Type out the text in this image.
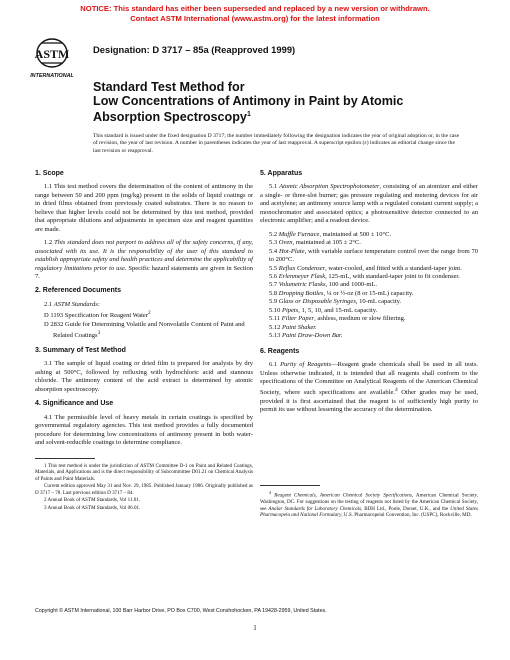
NOTICE: This standard has either been superseded and replaced by a new version or withdrawn.
Contact ASTM International (www.astm.org) for the latest information
ASTM
INTERNATIONAL
Designation: D 3717 – 85a (Reapproved 1999)
Standard Test Method for
Low Concentrations of Antimony in Paint by Atomic
Absorption Spectroscopy$^1$
This standard is issued under the fixed designation D 3717; the number immediately following the designation indicates the year of original adoption or, in the case of revision, the year of last revision. A number in parentheses indicates the year of last reapproval. A superscript epsilon (ε) indicates an editorial change since the last revision or reapproval.
1. Scope

1.1 This test method covers the determination of the content of antimony in the range between 50 and 200 ppm (mg/kg) present in the solids of liquid coatings or in dried films obtained from previously coated substrates. There is no reason to believe that higher levels could not be determined by this test method, provided that appropriate dilutions and adjustments in specimen size and reagent quantities are made.

1.2 This standard does not purport to address all of the safety concerns, if any, associated with its use. It is the responsibility of the user of this standard to establish appropriate safety and health practices and determine the applicability of regulatory limitations prior to use. Specific hazard statements are given in Section 7.

2. Referenced Documents
2.1 ASTM Standards:
D 1193 Specification for Reagent Water$^2$
D 2832 Guide for Determining Volatile and Nonvolatile Content of Paint and Related Coatings$^3$
3. Summary of Test Method

3.1 The sample of liquid coating or dried film is prepared for analysis by dry ashing at 500°C, followed by refluxing with hydrochloric acid and stannous chloride. The antimony content of the acid extract is determined by atomic absorption spectroscopy.

4. Significance and Use

4.1 The permissible level of heavy metals in certain coatings is specified by governmental regulatory agencies. This test method provides a fully documented procedure for determining low concentrations of antimony present in both water- and solvent-reducible coatings to determine compliance.

1 This test method is under the jurisdiction of ASTM Committee D-1 on Paint and Related Coatings, Materials, and Applications and is the direct responsibility of Subcommittee D01.21 on Chemical Analysis of Paints and Paint Materials.

Current edition approved May 31 and Nov. 29, 1985. Published January 1986. Originally published as D 3717 – 78. Last previous edition D 3717 – 84.

2 Annual Book of ASTM Standards, Vol 11.01.

3 Annual Book of ASTM Standards, Vol 06.01.

5. Apparatus

5.1 Atomic Absorption Spectrophotometer, consisting of an atomizer and either a single- or three-slot burner; gas pressure regulating and metering devices for air and acetylene; an antimony source lamp with a regulated constant current supply; a monochromator and associated optics; a photosensitive detector connected to an electronic amplifier; and a readout device.

5.2 Muffle Furnace, maintained at 500 ± 10°C.
5.3 Oven, maintained at 105 ± 2°C.
5.4 Hot-Plate, with variable surface temperature control over the range from 70 to 200°C.
5.5 Reflux Condenser, water-cooled, and fitted with a standard-taper joint.
5.6 Erlenmeyer Flask, 125-mL, with standard-taper joint to fit condenser.
5.7 Volumetric Flasks, 100 and 1000-mL.
5.8 Dropping Bottles, ¼ or ½-oz (8 or 15-mL) capacity.
5.9 Glass or Disposable Syringes, 10-mL capacity.
5.10 Pipets, 1, 5, 10, and 15-mL capacity.
5.11 Filter Paper, ashless, medium or slow filtering.
5.12 Paint Shaker.
5.13 Paint Draw-Down Bar.
6. Reagents

6.1 Purity of Reagents—Reagent grade chemicals shall be used in all tests. Unless otherwise indicated, it is intended that all reagents shall conform to the specifications of the Committee on Analytical Reagents of the American Chemical Society, where such specifications are available.$^4$ Other grades may be used, provided it is first ascertained that the reagent is of sufficiently high purity to permit its use without lessening the accuracy of the determination.

$^4$ Reagent Chemicals, American Chemical Society Specifications, American Chemical Society, Washington, DC. For suggestions on the testing of reagents not listed by the American Chemical Society, see Analar Standards for Laboratory Chemicals, BDH Ltd., Poole, Dorset, U.K., and the United States Pharmacopeia and National Formulary, U.S. Pharmacopeial Convention, Inc. (USPC), Rockville, MD.

Copyright © ASTM International, 100 Barr Harbor Drive, PO Box C700, West Conshohocken, PA 19428-2959, United States.
1
